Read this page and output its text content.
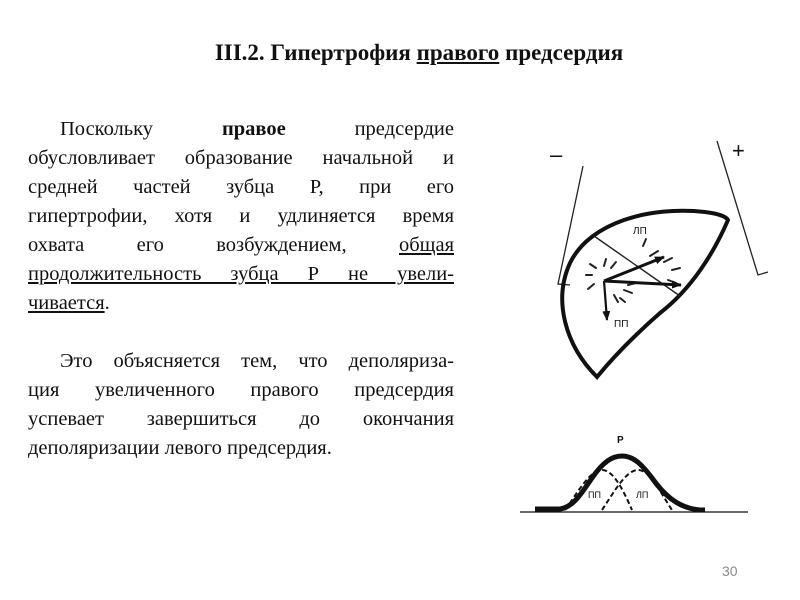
III.2. Гипертрофия правого предсердия

Поскольку правое предсердие
обусловливает образование начальной и
средней частей зубца Р, при его
гипертрофии, хотя и удлиняется время
охвата его возбуждением, общая
продолжительность зубца Р не увели-
чивается.

Это объясняется тем, что деполяриза-
ция увеличенного правого предсердия
успевает завершиться до окончания
деполяризации левого предсердия.

–	+
ЛП
ПП
P
ПП	ЛП
30
